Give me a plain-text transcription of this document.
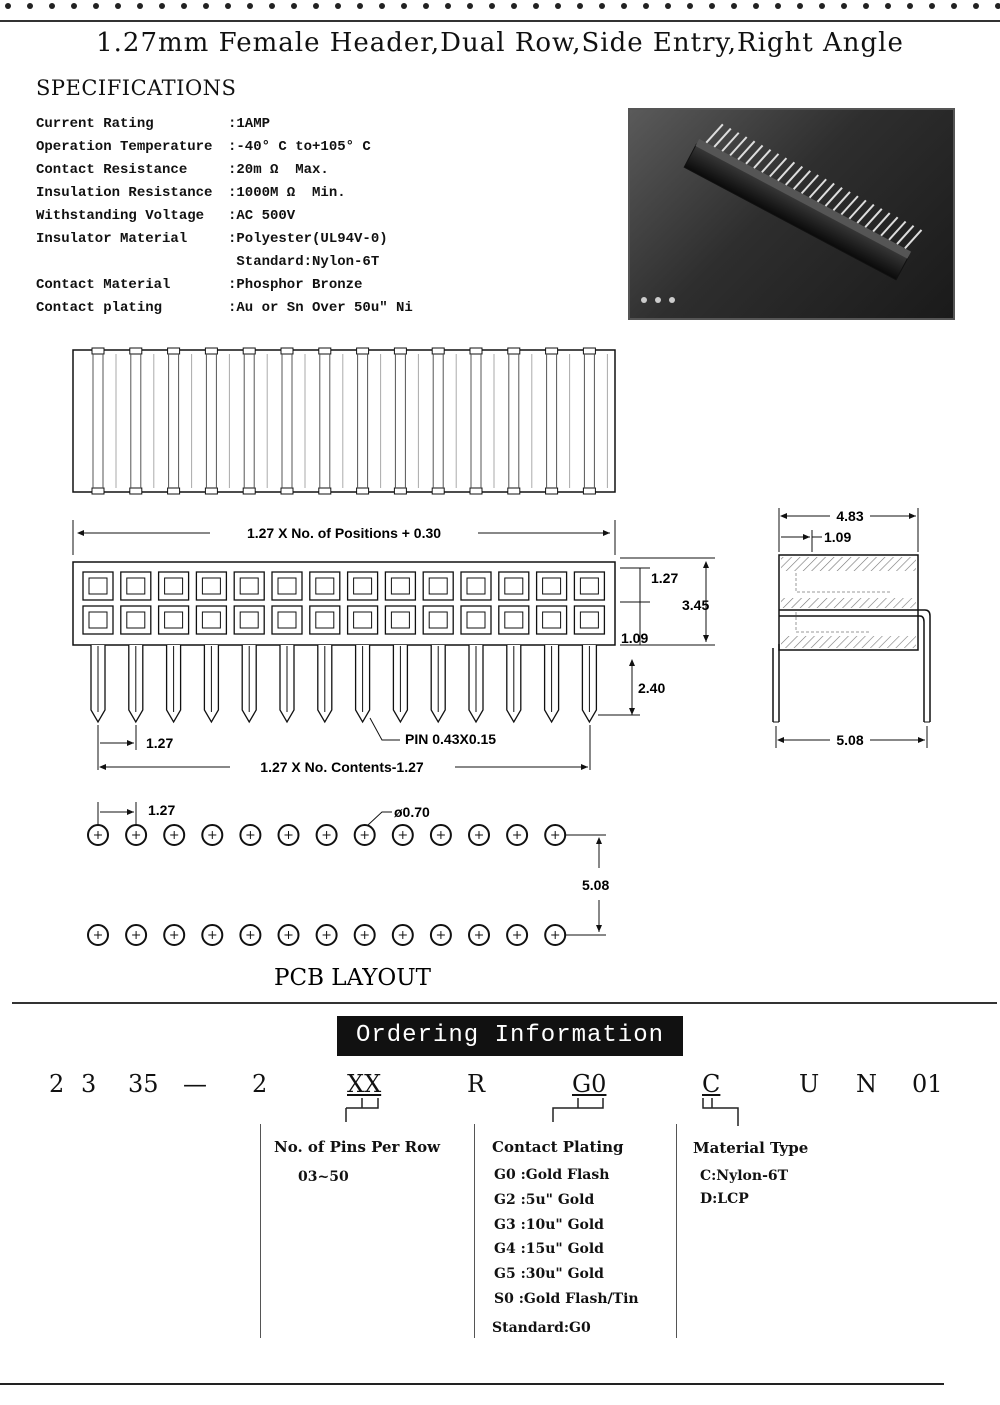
1.27mm Female Header,Dual Row,Side Entry,Right Angle
SPECIFICATIONS
Current Rating	:1AMP
Operation Temperature :-40° C to+105° C
Contact Resistance	:20m Ω  Max.
Insulation Resistance :1000M Ω  Min.
Withstanding Voltage :AC 500V
Insulator Material	:Polyester(UL94V-0)
Standard:Nylon-6T
Contact Material	:Phosphor Bronze
Contact plating	:Au or Sn Over 50u" Ni
1.27 X No. of Positions + 0.30
1.27
3.45
1.09
2.40
1.27	PIN 0.43X0.15
1.27 X No. Contents-1.27
4.83
1.09
5.08
1.27	ø0.70
5.08
PCB LAYOUT
Ordering Information
2 3 35 — 2	XX	R	G0	C	U N 01
No. of Pins Per Row
03~50
Contact Plating
G0 :Gold Flash
G2 :5u" Gold
G3 :10u" Gold
G4 :15u" Gold
G5 :30u" Gold
S0 :Gold Flash/Tin
Standard:G0
Material Type
C:Nylon-6T
D:LCP
